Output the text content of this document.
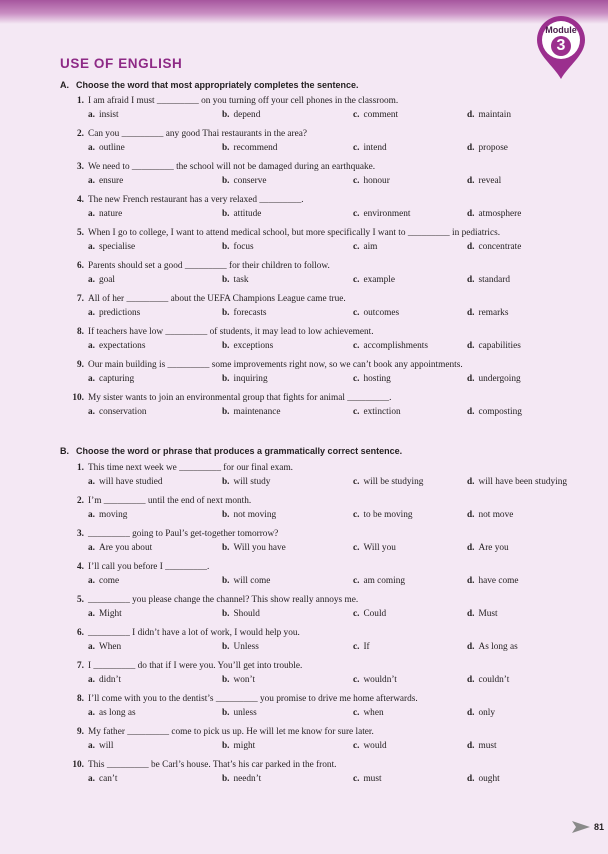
Module
3
USE OF ENGLISH
A. Choose the word that most appropriately completes the sentence.
1. I am afraid I must _________ on you turning off your cell phones in the classroom.
a. insist	b. depend	c. comment	d. maintain
2. Can you _________ any good Thai restaurants in the area?
a. outline	b. recommend	c. intend	d. propose
3. We need to _________ the school will not be damaged during an earthquake.
a. ensure	b. conserve	c. honour	d. reveal
4. The new French restaurant has a very relaxed _________.
a. nature	b. attitude	c. environment	d. atmosphere
5. When I go to college, I want to attend medical school, but more specifically I want to _________ in pediatrics.
a. specialise	b. focus	c. aim	d. concentrate
6. Parents should set a good _________ for their children to follow.
a. goal	b. task	c. example	d. standard
7. All of her _________ about the UEFA Champions League came true.
a. predictions	b. forecasts	c. outcomes	d. remarks
8. If teachers have low _________ of students, it may lead to low achievement.
a. expectations	b. exceptions	c. accomplishments	d. capabilities
9. Our main building is _________ some improvements right now, so we can’t book any appointments.
a. capturing	b. inquiring	c. hosting	d. undergoing
10. My sister wants to join an environmental group that fights for animal _________.
a. conservation	b. maintenance	c. extinction	d. composting
B. Choose the word or phrase that produces a grammatically correct sentence.
1. This time next week we _________ for our final exam.
a. will have studied	b. will study	c. will be studying	d. will have been studying
2. I’m _________ until the end of next month.
a. moving	b. not moving	c. to be moving	d. not move
3. _________ going to Paul’s get-together tomorrow?
a. Are you about	b. Will you have	c. Will you	d. Are you
4. I’ll call you before I _________.
a. come	b. will come	c. am coming	d. have come
5. _________ you please change the channel? This show really annoys me.
a. Might	b. Should	c. Could	d. Must
6. _________ I didn’t have a lot of work, I would help you.
a. When	b. Unless	c. If	d. As long as
7. I _________ do that if I were you. You’ll get into trouble.
a. didn’t	b. won’t	c. wouldn’t	d. couldn’t
8. I’ll come with you to the dentist’s _________ you promise to drive me home afterwards.
a. as long as	b. unless	c. when	d. only
9. My father _________ come to pick us up. He will let me know for sure later.
a. will	b. might	c. would	d. must
10. This _________ be Carl’s house. That’s his car parked in the front.
a. can’t	b. needn’t	c. must	d. ought
81
